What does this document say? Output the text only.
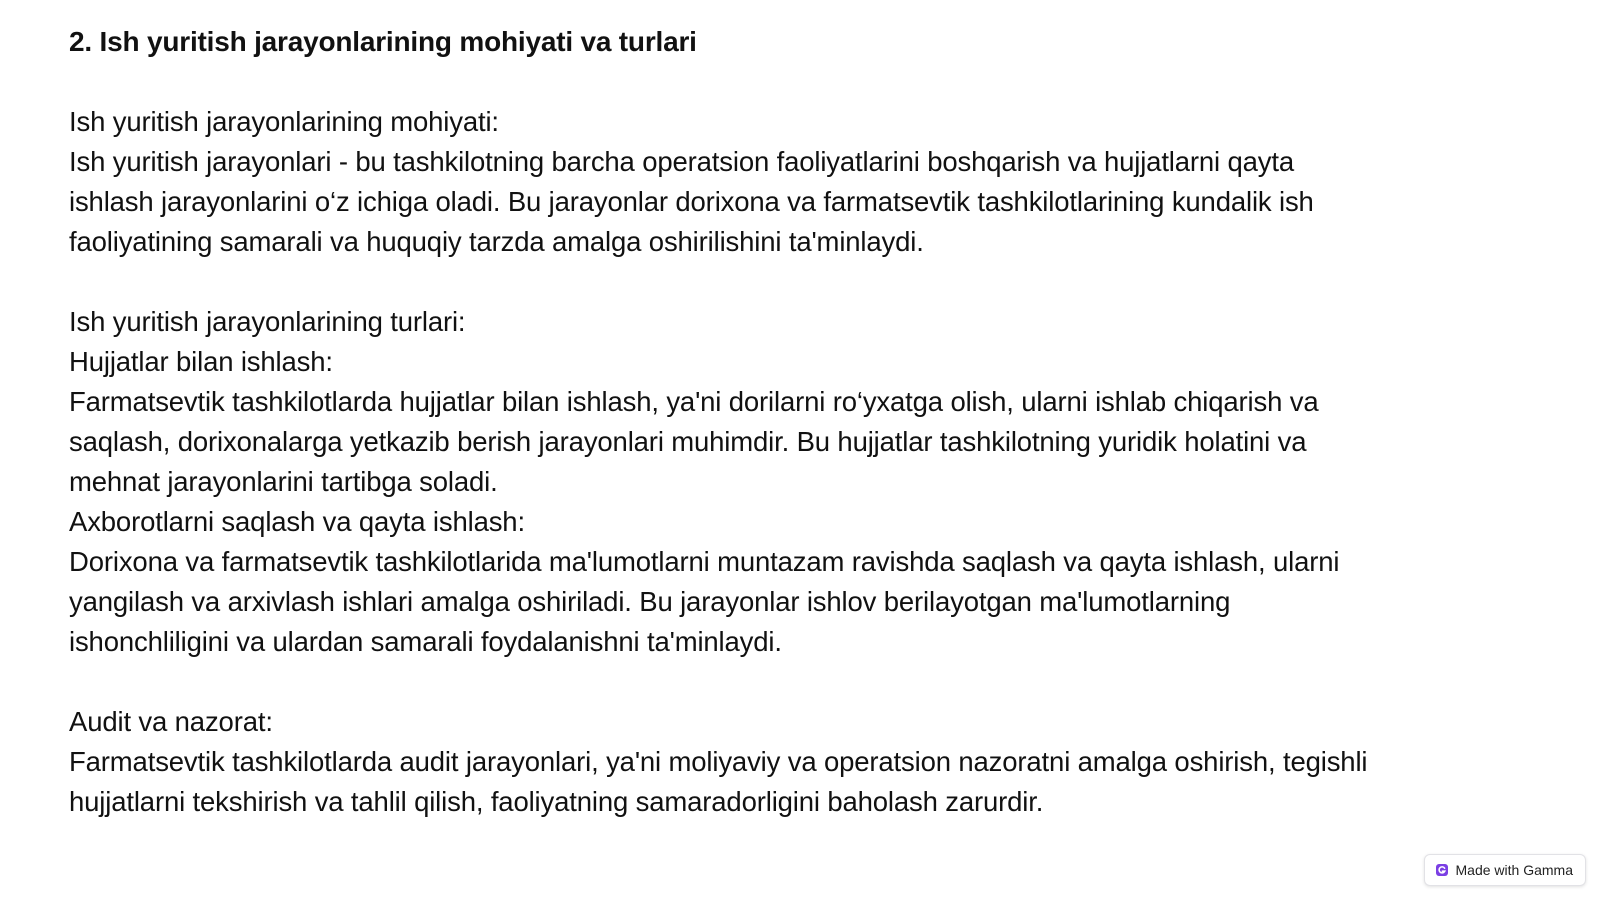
2. Ish yuritish jarayonlarining mohiyati va turlari

Ish yuritish jarayonlarining mohiyati:

Ish yuritish jarayonlari - bu tashkilotning barcha operatsion faoliyatlarini boshqarish va hujjatlarni qayta

ishlash jarayonlarini o‘z ichiga oladi. Bu jarayonlar dorixona va farmatsevtik tashkilotlarining kundalik ish

faoliyatining samarali va huquqiy tarzda amalga oshirilishini ta'minlaydi.

Ish yuritish jarayonlarining turlari:

Hujjatlar bilan ishlash:

Farmatsevtik tashkilotlarda hujjatlar bilan ishlash, ya'ni dorilarni ro‘yxatga olish, ularni ishlab chiqarish va

saqlash, dorixonalarga yetkazib berish jarayonlari muhimdir. Bu hujjatlar tashkilotning yuridik holatini va

mehnat jarayonlarini tartibga soladi.

Axborotlarni saqlash va qayta ishlash:

Dorixona va farmatsevtik tashkilotlarida ma'lumotlarni muntazam ravishda saqlash va qayta ishlash, ularni

yangilash va arxivlash ishlari amalga oshiriladi. Bu jarayonlar ishlov berilayotgan ma'lumotlarning

ishonchliligini va ulardan samarali foydalanishni ta'minlaydi.

Audit va nazorat:

Farmatsevtik tashkilotlarda audit jarayonlari, ya'ni moliyaviy va operatsion nazoratni amalga oshirish, tegishli

hujjatlarni tekshirish va tahlil qilish, faoliyatning samaradorligini baholash zarurdir.

Made with Gamma
